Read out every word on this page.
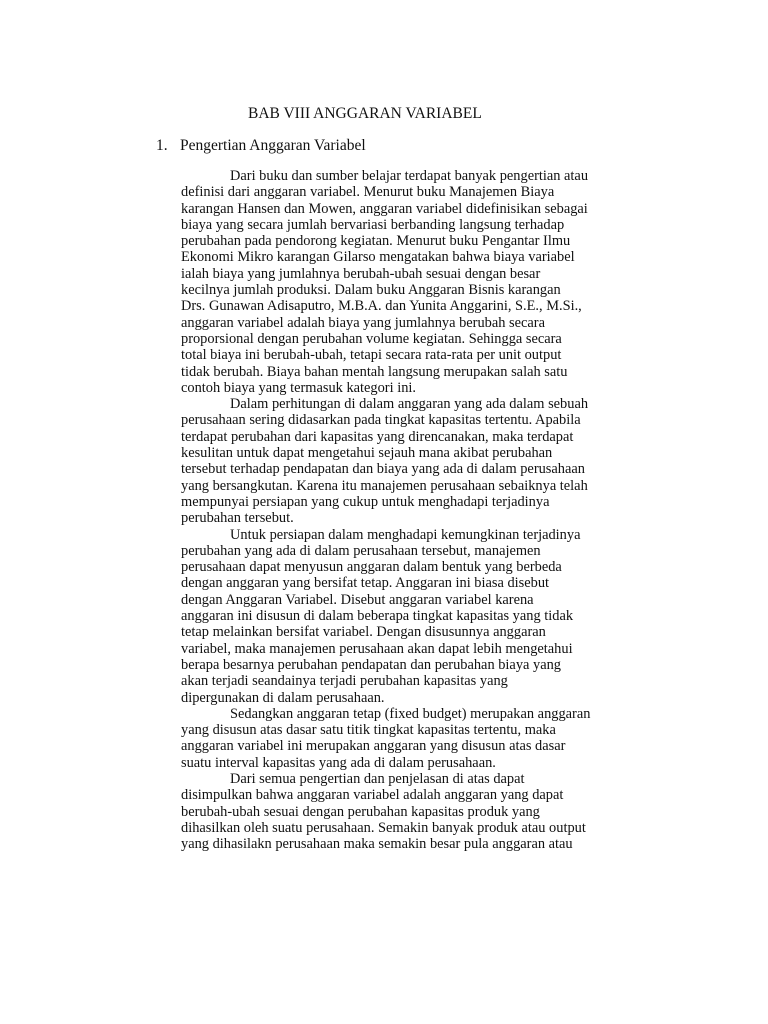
BAB VIII ANGGARAN VARIABEL
1. Pengertian Anggaran Variabel
Dari buku dan sumber belajar terdapat banyak pengertian atau
definisi dari anggaran variabel. Menurut buku Manajemen Biaya
karangan Hansen dan Mowen, anggaran variabel didefinisikan sebagai
biaya yang secara jumlah bervariasi berbanding langsung terhadap
perubahan pada pendorong kegiatan. Menurut buku Pengantar Ilmu
Ekonomi Mikro karangan Gilarso mengatakan bahwa biaya variabel
ialah biaya yang jumlahnya berubah-ubah sesuai dengan besar
kecilnya jumlah produksi. Dalam buku Anggaran Bisnis karangan
Drs. Gunawan Adisaputro, M.B.A. dan Yunita Anggarini, S.E., M.Si.,
anggaran variabel adalah biaya yang jumlahnya berubah secara
proporsional dengan perubahan volume kegiatan. Sehingga secara
total biaya ini berubah-ubah, tetapi secara rata-rata per unit output
tidak berubah. Biaya bahan mentah langsung merupakan salah satu
contoh biaya yang termasuk kategori ini.
Dalam perhitungan di dalam anggaran yang ada dalam sebuah
perusahaan sering didasarkan pada tingkat kapasitas tertentu. Apabila
terdapat perubahan dari kapasitas yang direncanakan, maka terdapat
kesulitan untuk dapat mengetahui sejauh mana akibat perubahan
tersebut terhadap pendapatan dan biaya yang ada di dalam perusahaan
yang bersangkutan. Karena itu manajemen perusahaan sebaiknya telah
mempunyai persiapan yang cukup untuk menghadapi terjadinya
perubahan tersebut.
Untuk persiapan dalam menghadapi kemungkinan terjadinya
perubahan yang ada di dalam perusahaan tersebut, manajemen
perusahaan dapat menyusun anggaran dalam bentuk yang berbeda
dengan anggaran yang bersifat tetap. Anggaran ini biasa disebut
dengan Anggaran Variabel. Disebut anggaran variabel karena
anggaran ini disusun di dalam beberapa tingkat kapasitas yang tidak
tetap melainkan bersifat variabel. Dengan disusunnya anggaran
variabel, maka manajemen perusahaan akan dapat lebih mengetahui
berapa besarnya perubahan pendapatan dan perubahan biaya yang
akan terjadi seandainya terjadi perubahan kapasitas yang
dipergunakan di dalam perusahaan.
Sedangkan anggaran tetap (fixed budget) merupakan anggaran
yang disusun atas dasar satu titik tingkat kapasitas tertentu, maka
anggaran variabel ini merupakan anggaran yang disusun atas dasar
suatu interval kapasitas yang ada di dalam perusahaan.
Dari semua pengertian dan penjelasan di atas dapat
disimpulkan bahwa anggaran variabel adalah anggaran yang dapat
berubah-ubah sesuai dengan perubahan kapasitas produk yang
dihasilkan oleh suatu perusahaan. Semakin banyak produk atau output
yang dihasilakn perusahaan maka semakin besar pula anggaran atau
